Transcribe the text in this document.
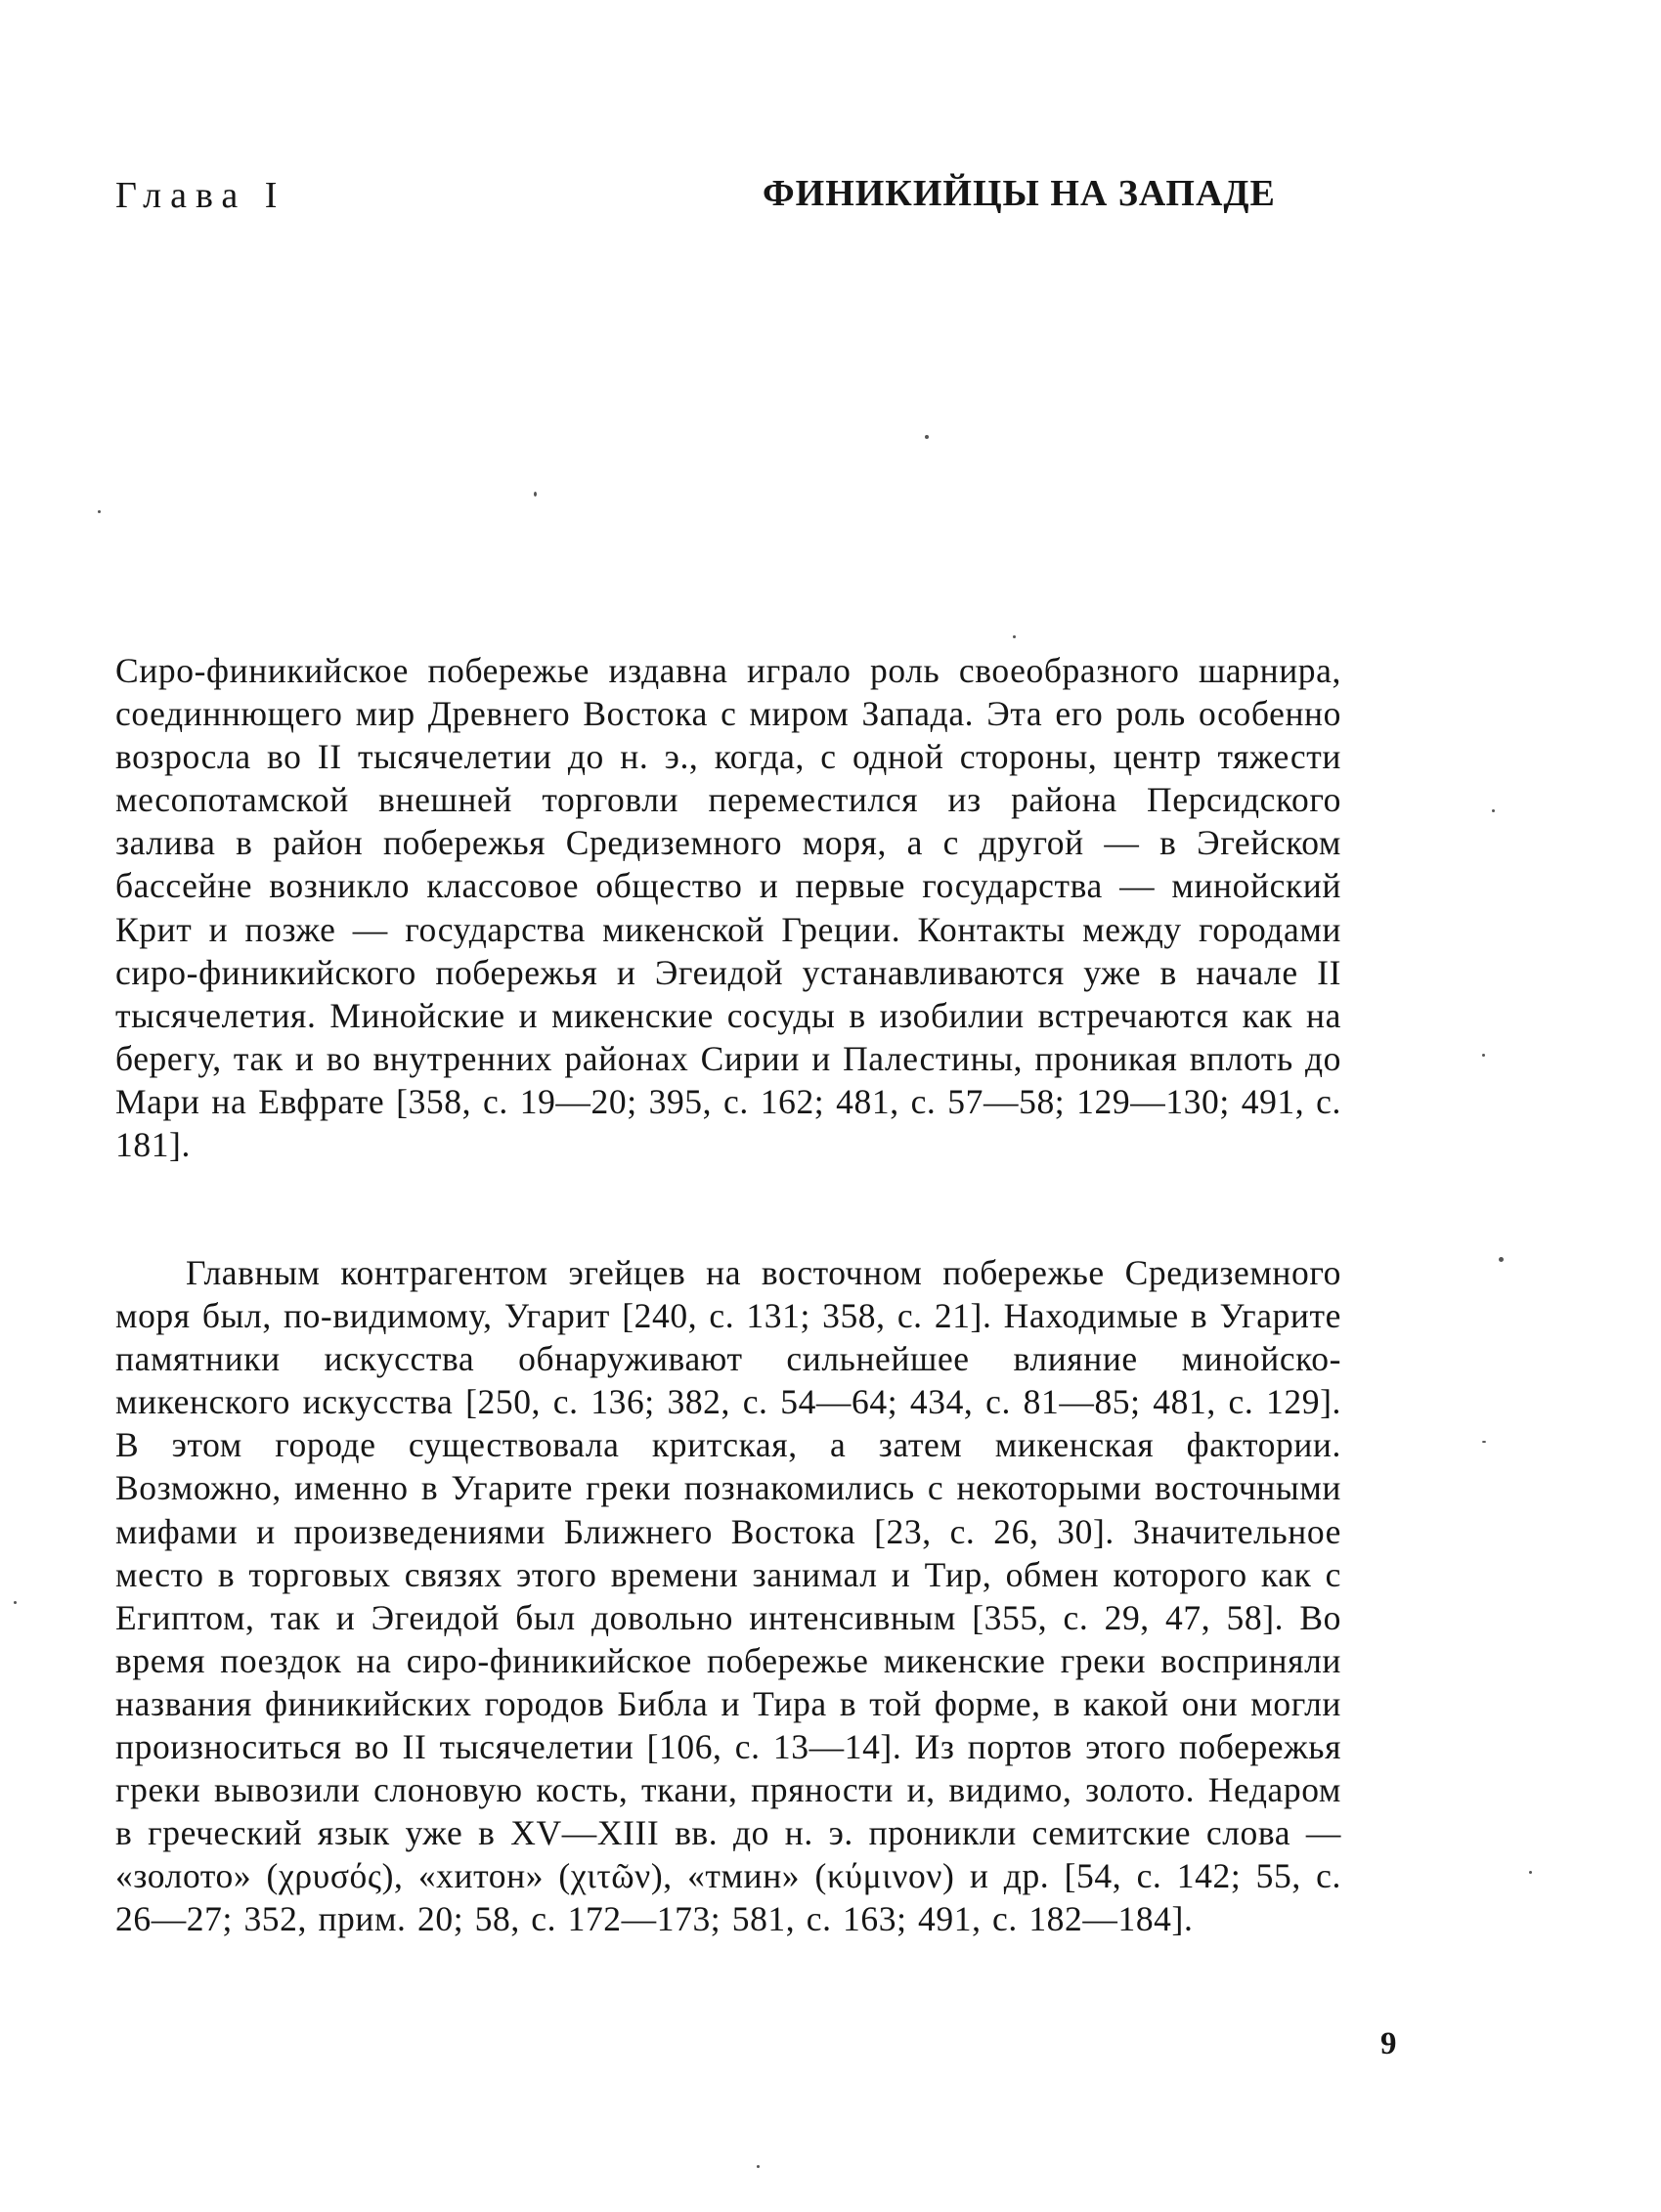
Глава I	ФИНИКИЙЦЫ НА ЗАПАДЕ
Сиро-финикийское побережье издавна играло роль своеобразного шарнира, соединнющего мир Древнего Востока с миром Запада. Эта его роль особенно возросла во II тысячелетии до н. э., когда, с одной стороны, центр тяжести месопотамской внешней торговли переместился из района Персидского залива в район побережья Средиземного моря, а с другой — в Эгейском бассейне возникло классовое общество и первые государства — минойский Крит и позже — государства микенской Греции. Контакты между городами сиро-финикийского побережья и Эгеидой устанавливаются уже в начале II тысячелетия. Минойские и микенские сосуды в изобилии встречаются как на берегу, так и во внутренних районах Сирии и Палестины, проникая вплоть до Мари на Евфрате [358, с. 19—20; 395, с. 162; 481, с. 57—58; 129—130; 491, с. 181].
Главным контрагентом эгейцев на восточном побережье Средиземного моря был, по-видимому, Угарит [240, с. 131; 358, с. 21]. Находимые в Угарите памятники искусства обнаруживают сильнейшее влияние минойско-микенского искусства [250, с. 136; 382, с. 54—64; 434, с. 81—85; 481, с. 129]. В этом городе существовала критская, а затем микенская фактории. Возможно, именно в Угарите греки познакомились с некоторыми восточными мифами и произведениями Ближнего Востока [23, с. 26, 30]. Значительное место в торговых связях этого времени занимал и Тир, обмен которого как с Египтом, так и Эгеидой был довольно интенсивным [355, с. 29, 47, 58]. Во время поездок на сиро-финикийское побережье микенские греки восприняли названия финикийских городов Библа и Тира в той форме, в какой они могли произноситься во II тысячелетии [106, с. 13—14]. Из портов этого побережья греки вывозили слоновую кость, ткани, пряности и, видимо, золото. Недаром в греческий язык уже в XV—XIII вв. до н. э. проникли семитские слова — «золото» (χρυσός), «хитон» (χιτῶν), «тмин» (κύμινον) и др. [54, с. 142; 55, с. 26—27; 352, прим. 20; 58, с. 172—173; 581, с. 163; 491, с. 182—184].
9
